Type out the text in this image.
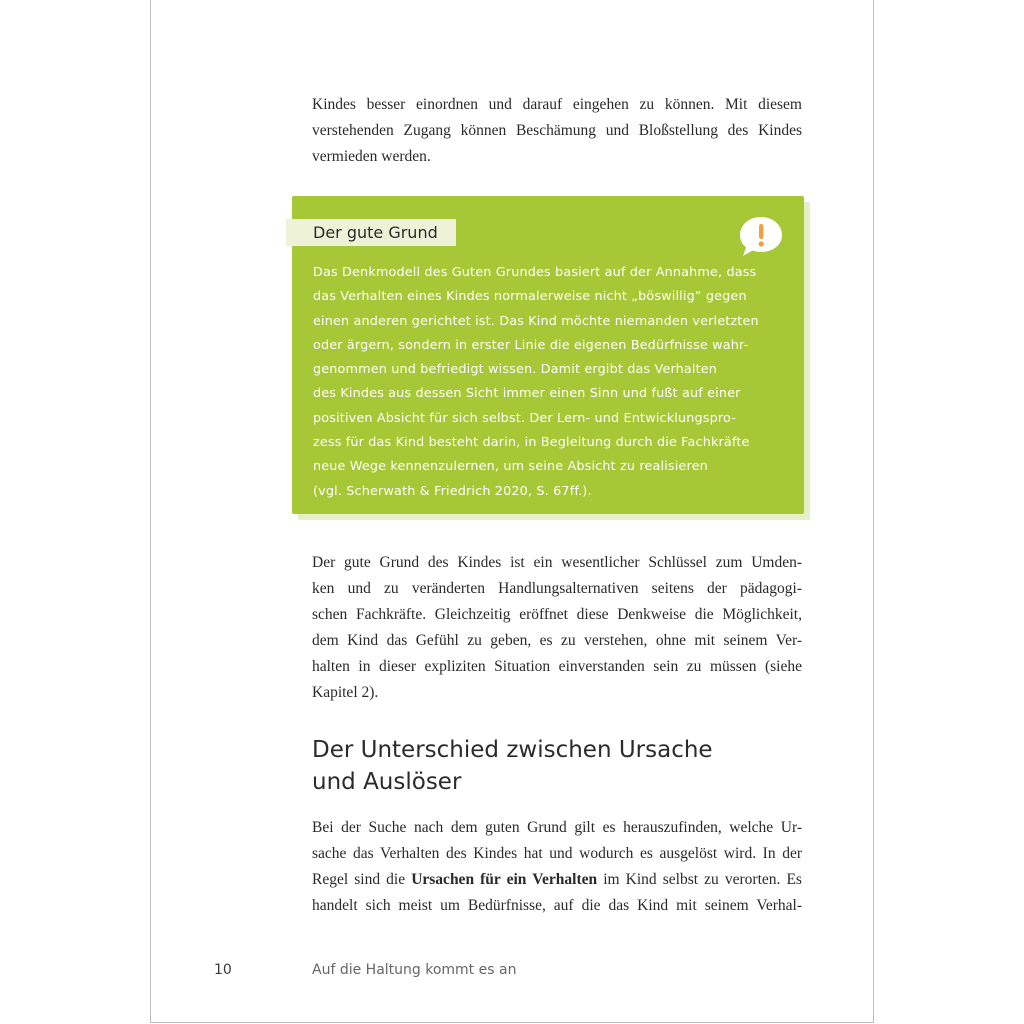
Kindes besser einordnen und darauf eingehen zu können. Mit diesem
verstehenden Zugang können Beschämung und Bloßstellung des Kindes
vermieden werden.
Der gute Grund
Das Denkmodell des Guten Grundes basiert auf der Annahme, dass
das Verhalten eines Kindes normalerweise nicht „böswillig“ gegen
einen anderen gerichtet ist. Das Kind möchte niemanden verletzten
oder ärgern, sondern in erster Linie die eigenen Bedürfnisse wahr-
genommen und befriedigt wissen. Damit ergibt das Verhalten
des Kindes aus dessen Sicht immer einen Sinn und fußt auf einer
positiven Absicht für sich selbst. Der Lern- und Entwicklungspro-
zess für das Kind besteht darin, in Begleitung durch die Fachkräfte
neue Wege kennenzulernen, um seine Absicht zu realisieren
(vgl. Scherwath & Friedrich 2020, S. 67ff.).
Der gute Grund des Kindes ist ein wesentlicher Schlüssel zum Umden-
ken und zu veränderten Handlungsalternativen seitens der pädagogi-
schen Fachkräfte. Gleichzeitig eröffnet diese Denkweise die Möglichkeit,
dem Kind das Gefühl zu geben, es zu verstehen, ohne mit seinem Ver-
halten in dieser expliziten Situation einverstanden sein zu müssen (siehe
Kapitel 2).
Der Unterschied zwischen Ursache
und Auslöser
Bei der Suche nach dem guten Grund gilt es herauszufinden, welche Ur-
sache das Verhalten des Kindes hat und wodurch es ausgelöst wird. In der
Regel sind die Ursachen für ein Verhalten im Kind selbst zu verorten. Es
handelt sich meist um Bedürfnisse, auf die das Kind mit seinem Verhal-
10	Auf die Haltung kommt es an
